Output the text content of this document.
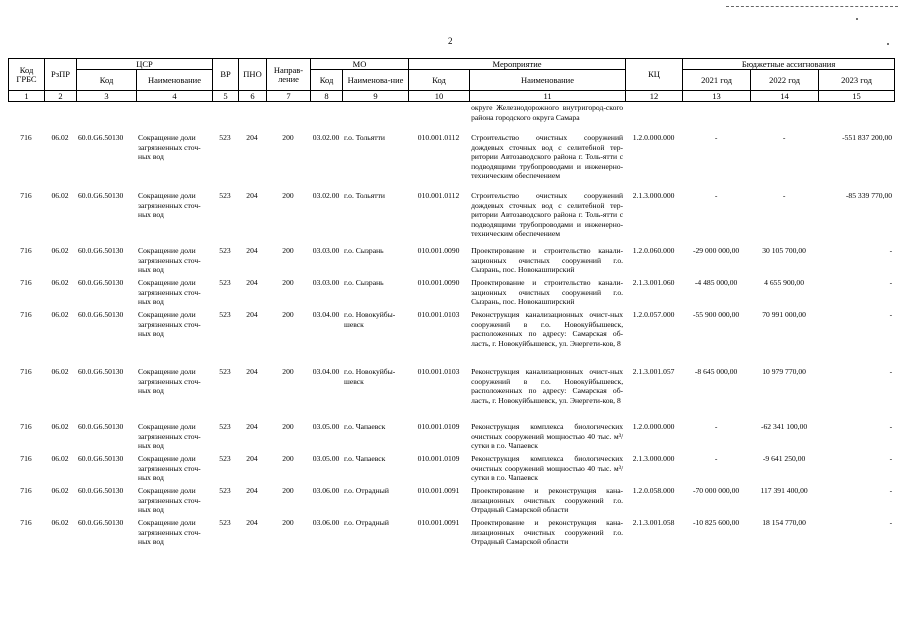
2
Код ГРБС	РзПР	ЦСР		ВР	ПНО	Направ-ление	МО		Мероприятие		КЦ	Бюджетные ассигнования		
		Код	Наименование				Код	Наименова-ние	Код	Наименование		2021 год	2022 год	2023 год
1	2	3	4	5	6	7	8	9	10	11	12	13	14	15
										округе Железнодорожного внутригород-ского района городского округа Самара				
716	06.02	60.0.G6.50130	Сокращение доли загрязненных сточ-ных вод	523	204	200	03.02.00	г.о. Тольятти	010.001.0112	Строительство очистных сооружений дождевых сточных вод с селитебной тер-ритории Автозаводского района г. Толь-ятти с подводящими трубопроводами и инженерно-техническим обеспечением	1.2.0.000.000	-	-	-551 837 200,00
716	06.02	60.0.G6.50130	Сокращение доли загрязненных сточ-ных вод	523	204	200	03.02.00	г.о. Тольятти	010.001.0112	Строительство очистных сооружений дождевых сточных вод с селитебной тер-ритории Автозаводского района г. Толь-ятти с подводящими трубопроводами и инженерно-техническим обеспечением	2.1.3.000.000	-	-	-85 339 770,00
716	06.02	60.0.G6.50130	Сокращение доли загрязненных сточ-ных вод	523	204	200	03.03.00	г.о. Сызрань	010.001.0090	Проектирование и строительство канали-зационных очистных сооружений г.о. Сызрань, пос. Новокашпирский	1.2.0.060.000	-29 000 000,00	30 105 700,00	-
716	06.02	60.0.G6.50130	Сокращение доли загрязненных сточ-ных вод	523	204	200	03.03.00	г.о. Сызрань	010.001.0090	Проектирование и строительство канали-зационных очистных сооружений г.о. Сызрань, пос. Новокашпирский	2.1.3.001.060	-4 485 000,00	4 655 900,00	-
716	06.02	60.0.G6.50130	Сокращение доли загрязненных сточ-ных вод	523	204	200	03.04.00	г.о. Новокуйбы-шевск	010.001.0103	Реконструкция канализационных очист-ных сооружений в г.о. Новокуйбышевск, расположенных по адресу: Самарская об-ласть, г. Новокуйбышевск, ул. Энергети-ков, 8	1.2.0.057.000	-55 900 000,00	70 991 000,00	-
716	06.02	60.0.G6.50130	Сокращение доли загрязненных сточ-ных вод	523	204	200	03.04.00	г.о. Новокуйбы-шевск	010.001.0103	Реконструкция канализационных очист-ных сооружений в г.о. Новокуйбышевск, расположенных по адресу: Самарская об-ласть, г. Новокуйбышевск, ул. Энергети-ков, 8	2.1.3.001.057	-8 645 000,00	10 979 770,00	-
716	06.02	60.0.G6.50130	Сокращение доли загрязненных сточ-ных вод	523	204	200	03.05.00	г.о. Чапаевск	010.001.0109	Реконструкция комплекса биологических очистных сооружений мощностью 40 тыс. м³/сутки в г.о. Чапаевск	1.2.0.000.000	-	-62 341 100,00	-
716	06.02	60.0.G6.50130	Сокращение доли загрязненных сточ-ных вод	523	204	200	03.05.00	г.о. Чапаевск	010.001.0109	Реконструкция комплекса биологических очистных сооружений мощностью 40 тыс. м³/сутки в г.о. Чапаевск	2.1.3.000.000	-	-9 641 250,00	-
716	06.02	60.0.G6.50130	Сокращение доли загрязненных сточ-ных вод	523	204	200	03.06.00	г.о. Отрадный	010.001.0091	Проектирование и реконструкция кана-лизационных очистных сооружений г.о. Отрадный Самарской области	1.2.0.058.000	-70 000 000,00	117 391 400,00	-
716	06.02	60.0.G6.50130	Сокращение доли загрязненных сточ-ных вод	523	204	200	03.06.00	г.о. Отрадный	010.001.0091	Проектирование и реконструкция кана-лизационных очистных сооружений г.о. Отрадный Самарской области	2.1.3.001.058	-10 825 600,00	18 154 770,00	-
